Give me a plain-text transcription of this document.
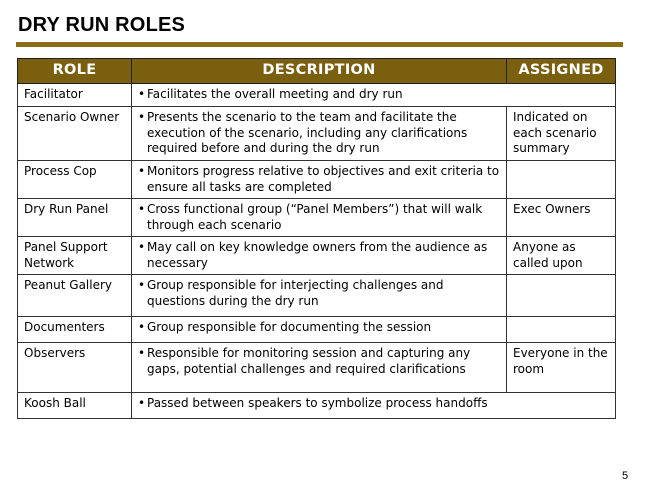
DRY RUN ROLES
ROLE	DESCRIPTION	ASSIGNED
Facilitator	• Facilitates the overall meeting and dry run	

Scenario Owner	• Presents the scenario to the team and facilitate the execution of the scenario, including any clarifications required before and during the dry run	Indicated on each scenario summary
Process Cop	• Monitors progress relative to objectives and exit criteria to ensure all tasks are completed	

Dry Run Panel	• Cross functional group (“Panel Members”) that will walk through each scenario	Exec Owners
Panel Support Network	• May call on key knowledge owners from the audience as necessary	Anyone as called upon
Peanut Gallery	• Group responsible for interjecting challenges and questions during the dry run	

Documenters	• Group responsible for documenting the session	

Observers	• Responsible for monitoring session and capturing any gaps, potential challenges and required clarifications	Everyone in the room
Koosh Ball	• Passed between speakers to symbolize process handoffs	
5
